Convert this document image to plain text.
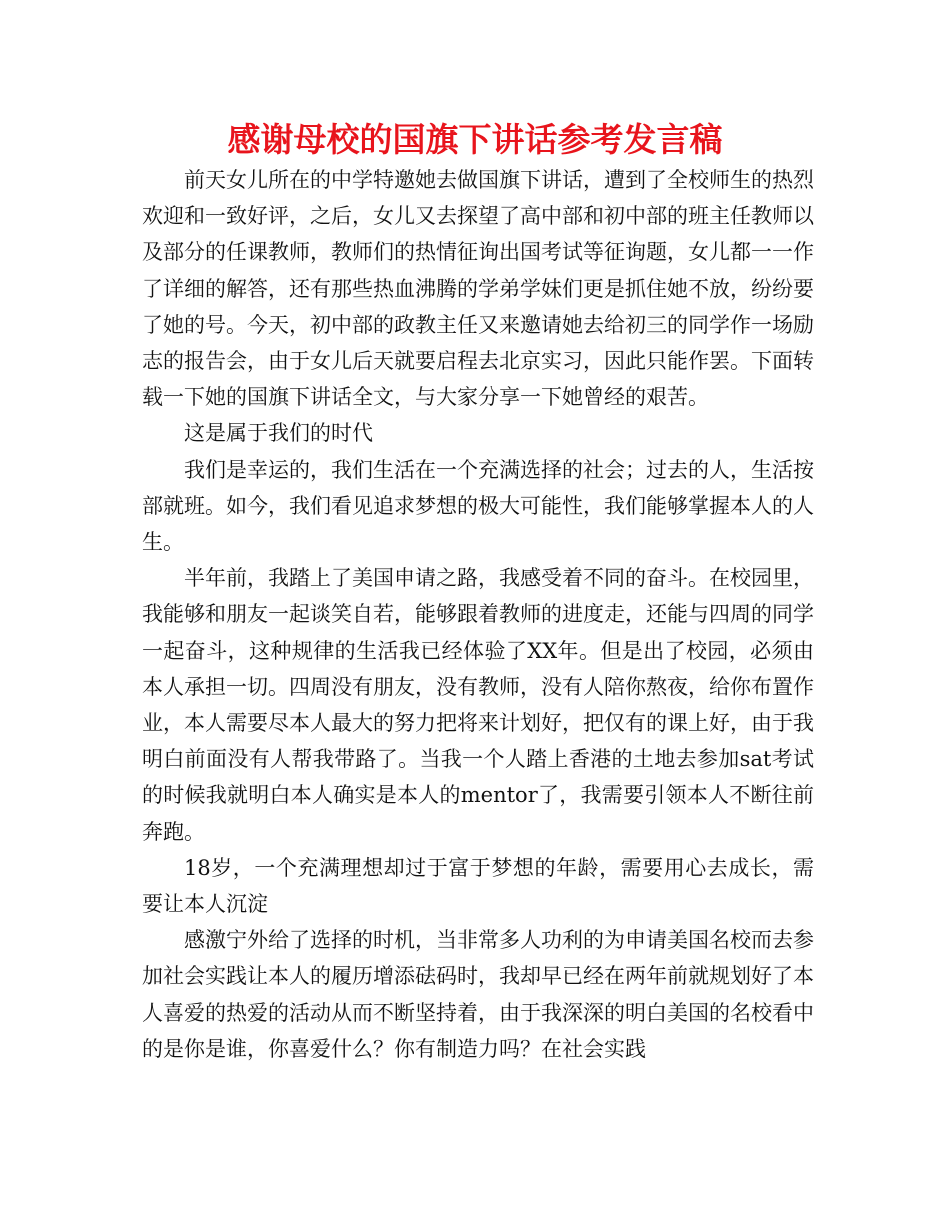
感谢母校的国旗下讲话参考发言稿

前天女儿所在的中学特邀她去做国旗下讲话，遭到了全校师生的热烈欢迎和一致好评，之后，女儿又去探望了高中部和初中部的班主任教师以及部分的任课教师，教师们的热情征询出国考试等征询题，女儿都一一作了详细的解答，还有那些热血沸腾的学弟学妹们更是抓住她不放，纷纷要了她的号。今天，初中部的政教主任又来邀请她去给初三的同学作一场励志的报告会，由于女儿后天就要启程去北京实习，因此只能作罢。下面转载一下她的国旗下讲话全文，与大家分享一下她曾经的艰苦。

这是属于我们的时代

我们是幸运的，我们生活在一个充满选择的社会；过去的人，生活按部就班。如今，我们看见追求梦想的极大可能性，我们能够掌握本人的人生。

半年前，我踏上了美国申请之路，我感受着不同的奋斗。在校园里，我能够和朋友一起谈笑自若，能够跟着教师的进度走，还能与四周的同学一起奋斗，这种规律的生活我已经体验了XX年。但是出了校园，必须由本人承担一切。四周没有朋友，没有教师，没有人陪你熬夜，给你布置作业，本人需要尽本人最大的努力把将来计划好，把仅有的课上好，由于我明白前面没有人帮我带路了。当我一个人踏上香港的土地去参加sat考试的时候我就明白本人确实是本人的mentor了，我需要引领本人不断往前奔跑。

18岁，一个充满理想却过于富于梦想的年龄，需要用心去成长，需要让本人沉淀

感激宁外给了选择的时机，当非常多人功利的为申请美国名校而去参加社会实践让本人的履历增添砝码时，我却早已经在两年前就规划好了本人喜爱的热爱的活动从而不断坚持着，由于我深深的明白美国的名校看中的是你是谁，你喜爱什么？你有制造力吗？在社会实践
